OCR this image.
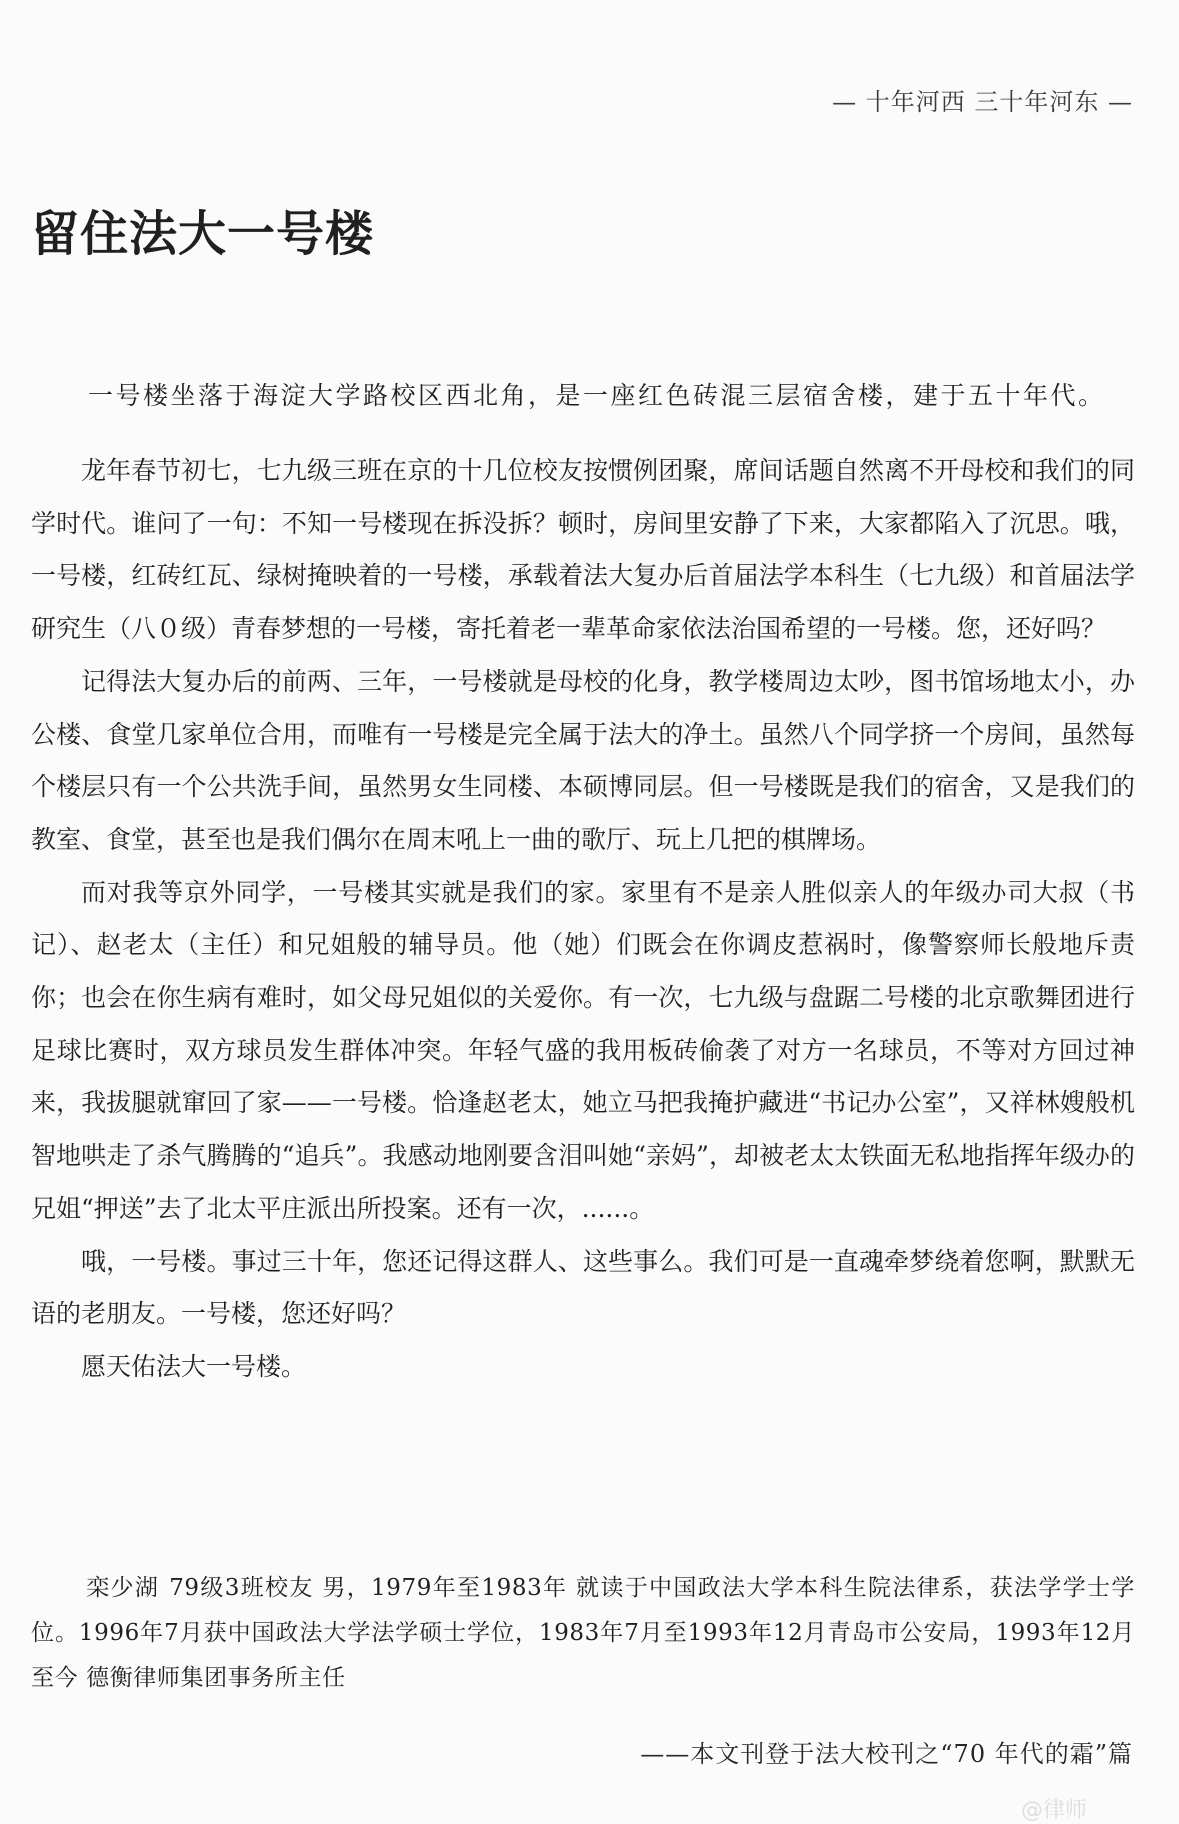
— 十年河西 三十年河东 —
留住法大一号楼
一号楼坐落于海淀大学路校区西北角，是一座红色砖混三层宿舍楼，建于五十年代。

龙年春节初七，七九级三班在京的十几位校友按惯例团聚，席间话题自然离不开母校和我们的同学时代。谁问了一句：不知一号楼现在拆没拆？顿时，房间里安静了下来，大家都陷入了沉思。哦，一号楼，红砖红瓦、绿树掩映着的一号楼，承载着法大复办后首届法学本科生（七九级）和首届法学研究生（八０级）青春梦想的一号楼，寄托着老一辈革命家依法治国希望的一号楼。您，还好吗？

记得法大复办后的前两、三年，一号楼就是母校的化身，教学楼周边太吵，图书馆场地太小，办公楼、食堂几家单位合用，而唯有一号楼是完全属于法大的净土。虽然八个同学挤一个房间，虽然每个楼层只有一个公共洗手间，虽然男女生同楼、本硕博同层。但一号楼既是我们的宿舍，又是我们的教室、食堂，甚至也是我们偶尔在周末吼上一曲的歌厅、玩上几把的棋牌场。

而对我等京外同学，一号楼其实就是我们的家。家里有不是亲人胜似亲人的年级办司大叔（书记）、赵老太（主任）和兄姐般的辅导员。他（她）们既会在你调皮惹祸时，像警察师长般地斥责你；也会在你生病有难时，如父母兄姐似的关爱你。有一次，七九级与盘踞二号楼的北京歌舞团进行足球比赛时，双方球员发生群体冲突。年轻气盛的我用板砖偷袭了对方一名球员，不等对方回过神来，我拔腿就窜回了家——一号楼。恰逢赵老太，她立马把我掩护藏进“书记办公室”，又祥林嫂般机智地哄走了杀气腾腾的“追兵”。我感动地刚要含泪叫她“亲妈”，却被老太太铁面无私地指挥年级办的兄姐“押送”去了北太平庄派出所投案。还有一次，......。

哦，一号楼。事过三十年，您还记得这群人、这些事么。我们可是一直魂牵梦绕着您啊，默默无语的老朋友。一号楼，您还好吗？

愿天佑法大一号楼。

栾少湖 79级3班校友 男，1979年至1983年 就读于中国政法大学本科生院法律系，获法学学士学位。1996年7月获中国政法大学法学硕士学位，1983年7月至1993年12月青岛市公安局，1993年12月至今 德衡律师集团事务所主任
——本文刊登于法大校刊之“70 年代的霜”篇
@律师
